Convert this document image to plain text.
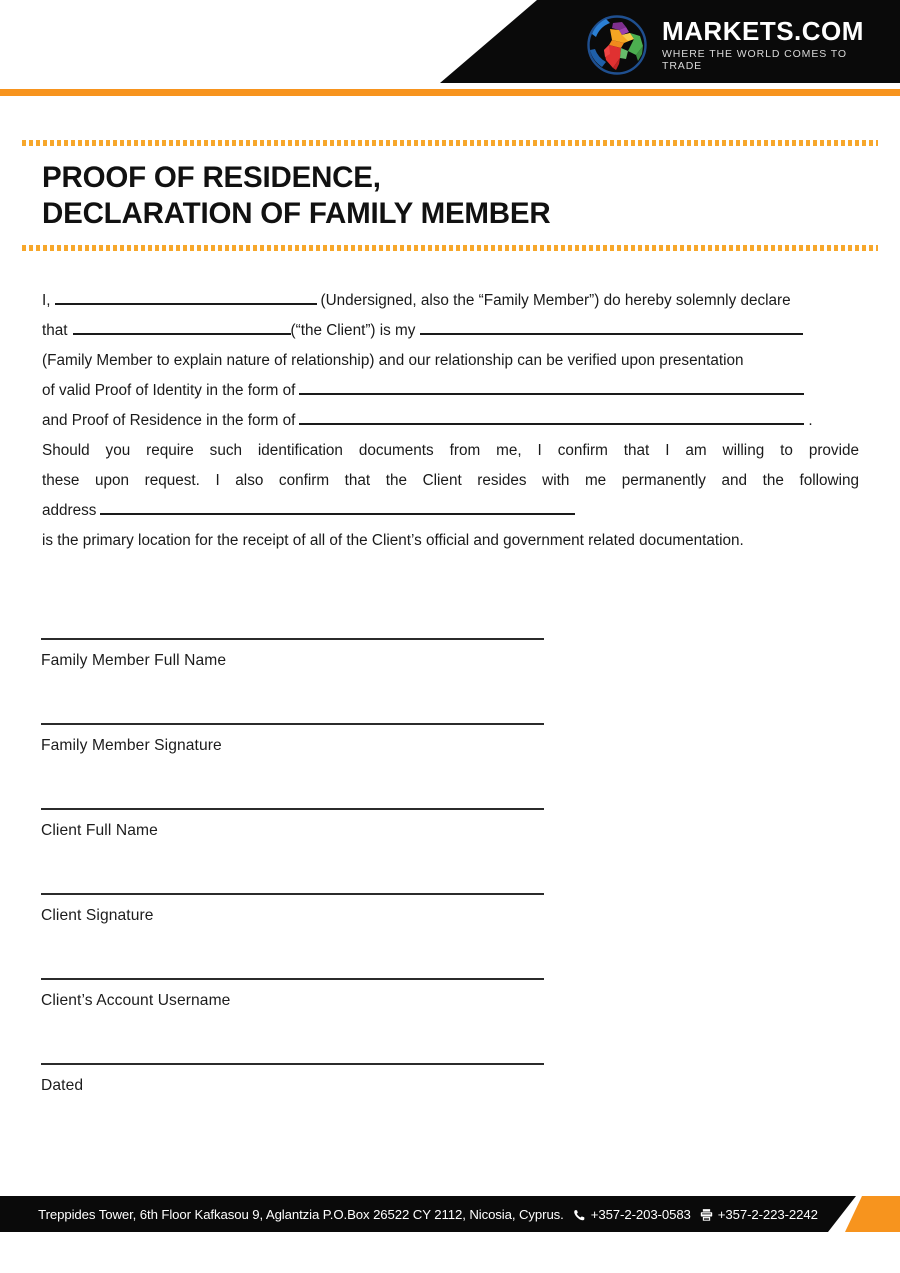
MARKETS.COM
WHERE THE WORLD COMES TO TRADE
PROOF OF RESIDENCE,
DECLARATION OF FAMILY MEMBER
I,	(Undersigned, also the “Family Member”) do hereby solemnly declare
that	(“the Client”) is my
(Family Member to explain nature of relationship) and our relationship can be verified upon presentation
of valid Proof of Identity in the form of
and Proof of Residence in the form of	.
Should you require such identification documents from me, I confirm that I am willing to provide
these upon request. I also confirm that the Client resides with me permanently and the following
address
is the primary location for the receipt of all of the Client’s official and government related documentation.
Family Member Full Name
Family Member Signature
Client Full Name
Client Signature
Client’s Account Username
Dated
Treppides Tower, 6th Floor Kafkasou 9, Aglantzia P.O.Box 26522 CY 2112, Nicosia, Cyprus. +357-2-203-0583 +357-2-223-2242
